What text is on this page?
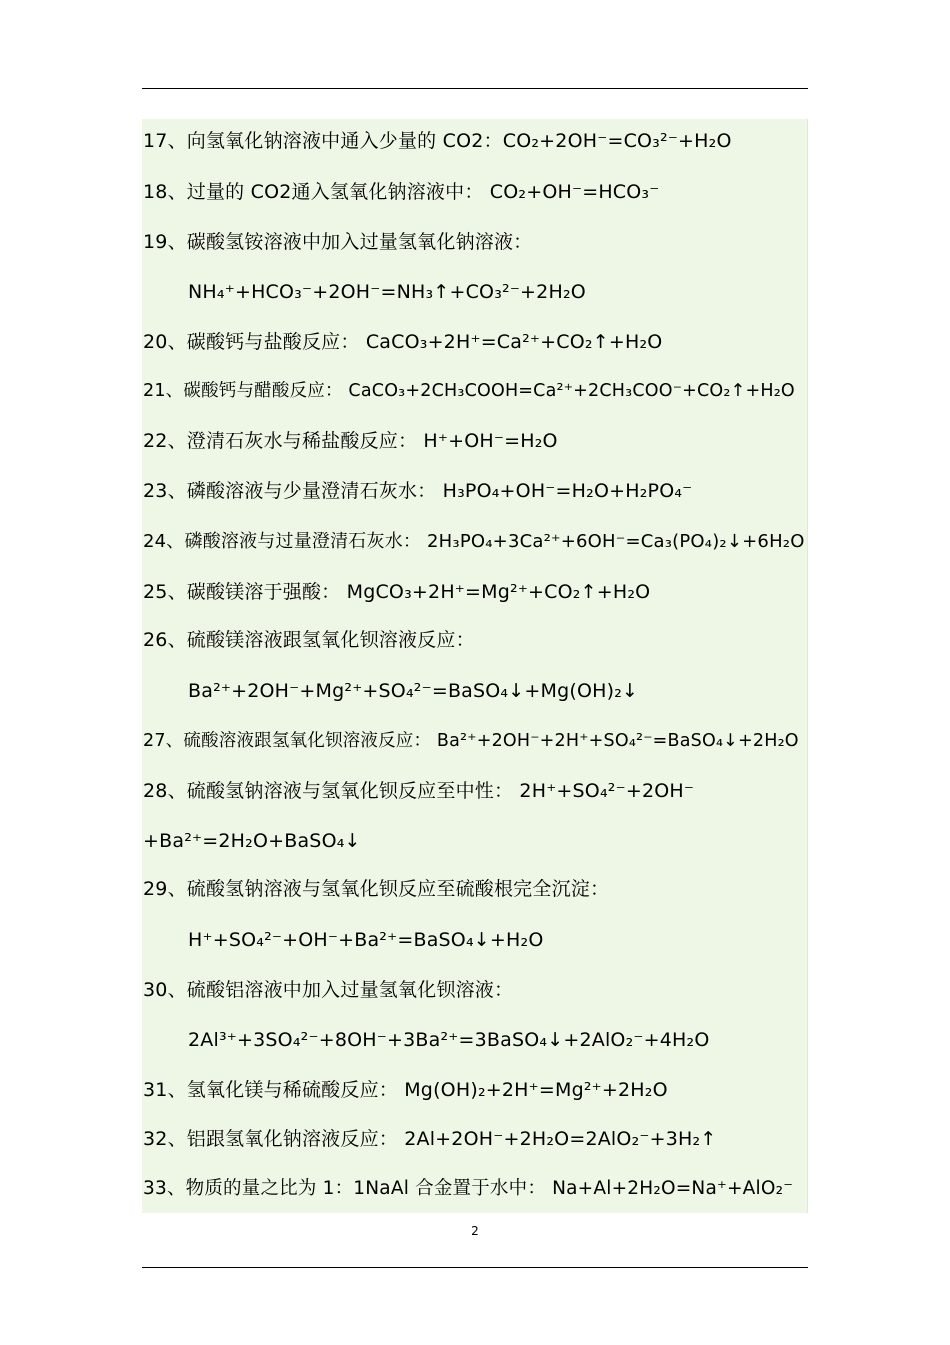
17、向氢氧化钠溶液中通入少量的 CO2：CO₂+2OH⁻=CO₃²⁻+H₂O
18、过量的 CO2通入氢氧化钠溶液中： CO₂+OH⁻=HCO₃⁻
19、碳酸氢铵溶液中加入过量氢氧化钠溶液：
NH₄⁺+HCO₃⁻+2OH⁻=NH₃↑+CO₃²⁻+2H₂O
20、碳酸钙与盐酸反应： CaCO₃+2H⁺=Ca²⁺+CO₂↑+H₂O
21、碳酸钙与醋酸反应： CaCO₃+2CH₃COOH=Ca²⁺+2CH₃COO⁻+CO₂↑+H₂O
22、澄清石灰水与稀盐酸反应： H⁺+OH⁻=H₂O
23、磷酸溶液与少量澄清石灰水： H₃PO₄+OH⁻=H₂O+H₂PO₄⁻
24、磷酸溶液与过量澄清石灰水： 2H₃PO₄+3Ca²⁺+6OH⁻=Ca₃(PO₄)₂↓+6H₂O
25、碳酸镁溶于强酸： MgCO₃+2H⁺=Mg²⁺+CO₂↑+H₂O
26、硫酸镁溶液跟氢氧化钡溶液反应：
Ba²⁺+2OH⁻+Mg²⁺+SO₄²⁻=BaSO₄↓+Mg(OH)₂↓
27、硫酸溶液跟氢氧化钡溶液反应： Ba²⁺+2OH⁻+2H⁺+SO₄²⁻=BaSO₄↓+2H₂O
28、硫酸氢钠溶液与氢氧化钡反应至中性： 2H⁺+SO₄²⁻+2OH⁻
+Ba²⁺=2H₂O+BaSO₄↓
29、硫酸氢钠溶液与氢氧化钡反应至硫酸根完全沉淀：
H⁺+SO₄²⁻+OH⁻+Ba²⁺=BaSO₄↓+H₂O
30、硫酸铝溶液中加入过量氢氧化钡溶液：
2Al³⁺+3SO₄²⁻+8OH⁻+3Ba²⁺=3BaSO₄↓+2AlO₂⁻+4H₂O
31、氢氧化镁与稀硫酸反应： Mg(OH)₂+2H⁺=Mg²⁺+2H₂O
32、铝跟氢氧化钠溶液反应： 2Al+2OH⁻+2H₂O=2AlO₂⁻+3H₂↑
33、物质的量之比为 1：1NaAl 合金置于水中： Na+Al+2H₂O=Na⁺+AlO₂⁻
2
